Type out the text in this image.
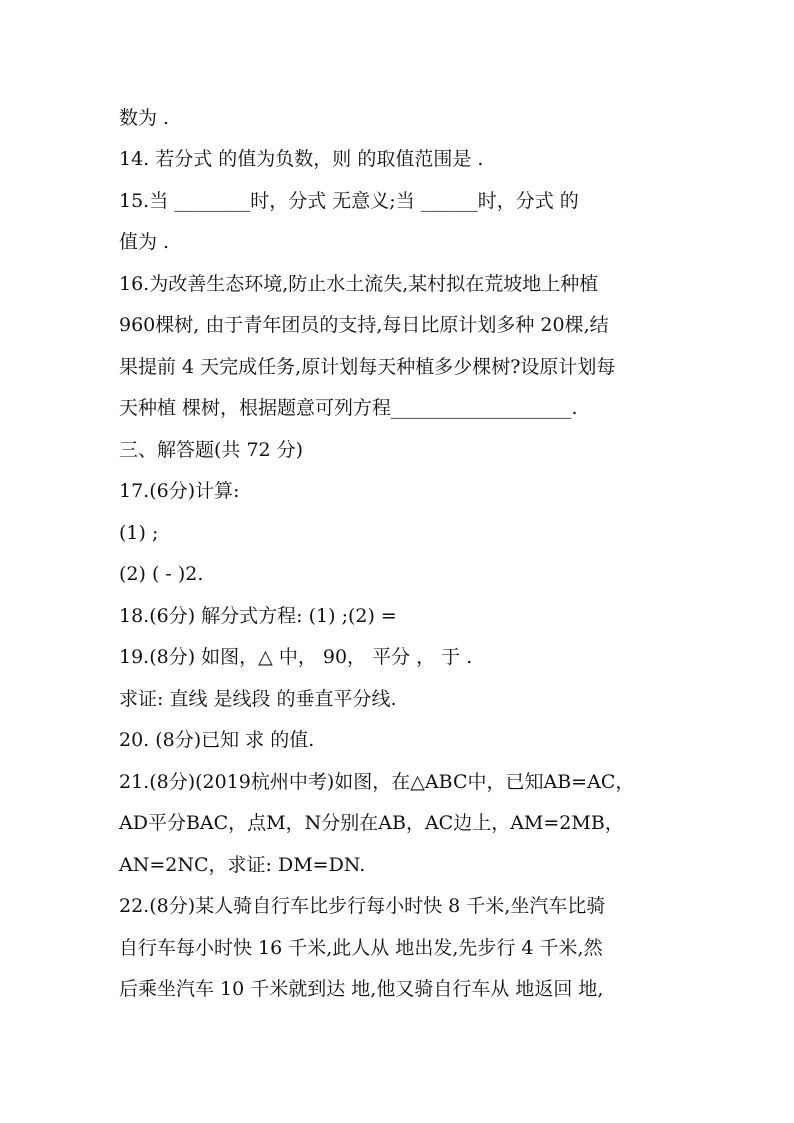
数为 .

14. 若分式 的值为负数，则 的取值范围是 .

15.当 ________时，分式 无意义;当 ______时，分式 的

值为 .

16.为改善生态环境,防止水土流失,某村拟在荒坡地上种植

960棵树, 由于青年团员的支持,每日比原计划多种 20棵,结

果提前 4 天完成任务,原计划每天种植多少棵树?设原计划每

天种植 棵树，根据题意可列方程___________________.

三、解答题(共 72 分)

17.(6分)计算:

(1) ;

(2) ( - )2.

18.(6分) 解分式方程: (1) ;(2) =

19.(8分) 如图，△ 中， 90， 平分 ， 于 .

求证: 直线 是线段 的垂直平分线.

20. (8分)已知 求 的值.

21.(8分)(2019杭州中考)如图，在△ABC中，已知AB=AC，

AD平分BAC，点M，N分别在AB，AC边上，AM=2MB，

AN=2NC，求证: DM=DN.

22.(8分)某人骑自行车比步行每小时快 8 千米,坐汽车比骑

自行车每小时快 16 千米,此人从 地出发,先步行 4 千米,然

后乘坐汽车 10 千米就到达 地,他又骑自行车从 地返回 地,
